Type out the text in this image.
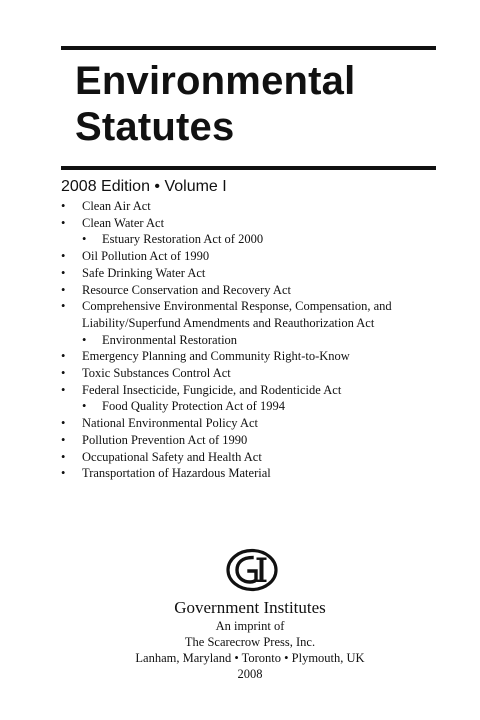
Environmental
Statutes
2008 Edition • Volume I
•	Clean Air Act
•	Clean Water Act
•	Estuary Restoration Act of 2000
•	Oil Pollution Act of 1990
•	Safe Drinking Water Act
•	Resource Conservation and Recovery Act
•	Comprehensive Environmental Response, Compensation, and Liability/Superfund Amendments and Reauthorization Act
•	Environmental Restoration
•	Emergency Planning and Community Right-to-Know
•	Toxic Substances Control Act
•	Federal Insecticide, Fungicide, and Rodenticide Act
•	Food Quality Protection Act of 1994
•	National Environmental Policy Act
•	Pollution Prevention Act of 1990
•	Occupational Safety and Health Act
•	Transportation of Hazardous Material
Government Institutes
An imprint of
The Scarecrow Press, Inc.
Lanham, Maryland • Toronto • Plymouth, UK
2008
